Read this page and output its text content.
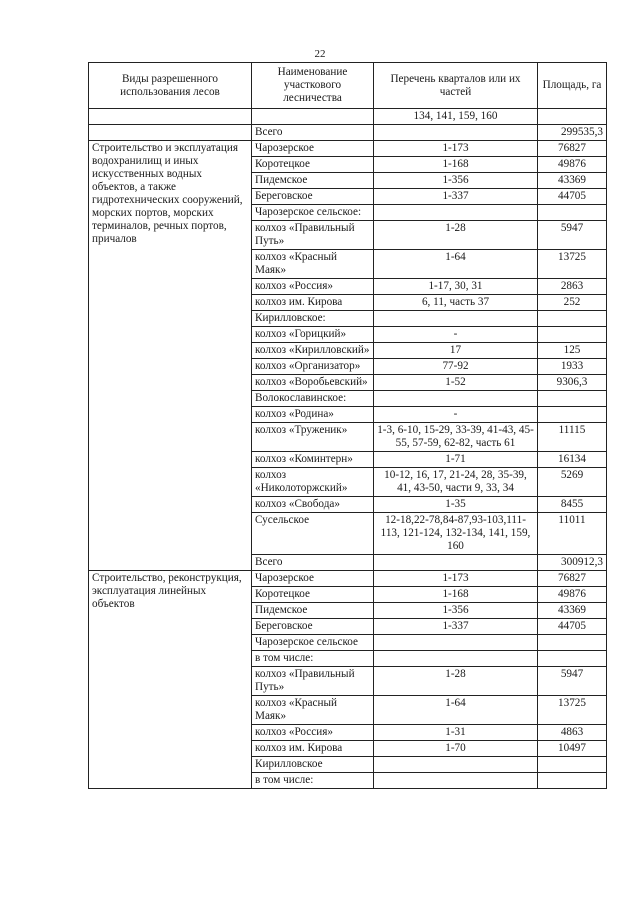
22
Виды разрешенного использования лесов	Наименование участкового лесничества	Перечень кварталов или их частей	Площадь, га
		134, 141, 159, 160	
	Всего		299535,3
Строительство и эксплуатация водохранилищ и иных искусственных водных объектов, а также гидротехнических сооружений, морских портов, морских терминалов, речных портов, причалов	Чарозерское	1-173	76827
	Коротецкое	1-168	49876
	Пидемское	1-356	43369
	Береговское	1-337	44705
	Чарозерское сельское:		
	колхоз «Правильный Путь»	1-28	5947
	колхоз «Красный Маяк»	1-64	13725
	колхоз «Россия»	1-17, 30, 31	2863
	колхоз им. Кирова	6, 11, часть 37	252
	Кирилловское:		
	колхоз «Горицкий»	-	
	колхоз «Кирилловский»	17	125
	колхоз «Организатор»	77-92	1933
	колхоз «Воробьевский»	1-52	9306,3
	Волокославинское:		
	колхоз «Родина»	-	
	колхоз «Труженик»	1-3, 6-10, 15-29, 33-39, 41-43, 45-55, 57-59, 62-82, часть 61	11115
	колхоз «Коминтерн»	1-71	16134
	колхоз «Николоторжский»	10-12, 16, 17, 21-24, 28, 35-39, 41, 43-50, части 9, 33, 34	5269
	колхоз «Свобода»	1-35	8455
	Сусельское	12-18,22-78,84-87,93-103,111-113, 121-124, 132-134, 141, 159, 160	11011
	Всего		300912,3
Строительство, реконструкция, эксплуатация линейных объектов	Чарозерское	1-173	76827
	Коротецкое	1-168	49876
	Пидемское	1-356	43369
	Береговское	1-337	44705
	Чарозерское сельское		
	в том числе:		
	колхоз «Правильный Путь»	1-28	5947
	колхоз «Красный Маяк»	1-64	13725
	колхоз «Россия»	1-31	4863
	колхоз им. Кирова	1-70	10497
	Кирилловское		
	в том числе:		
